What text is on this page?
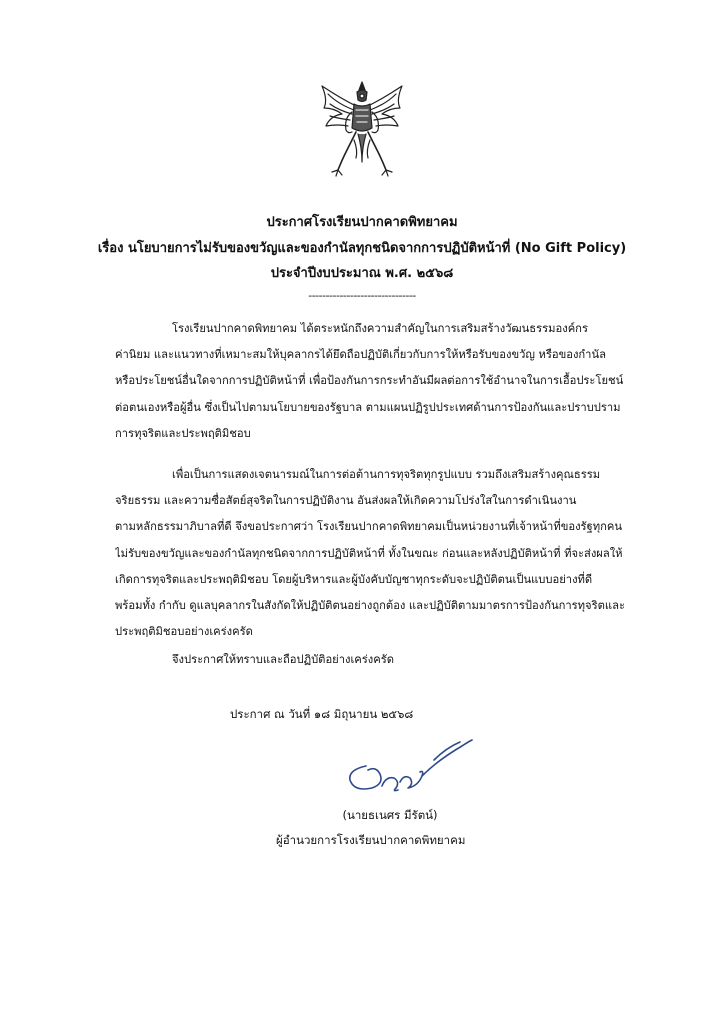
ประกาศโรงเรียนปากคาดพิทยาคม
เรื่อง นโยบายการไม่รับของขวัญและของกำนัลทุกชนิดจากการปฏิบัติหน้าที่ (No Gift Policy)
ประจำปีงบประมาณ พ.ศ. ๒๕๖๘
-------------------------------
โรงเรียนปากคาดพิทยาคม ได้ตระหนักถึงความสำคัญในการเสริมสร้างวัฒนธรรมองค์กร
ค่านิยม และแนวทางที่เหมาะสมให้บุคลากรได้ยึดถือปฏิบัติเกี่ยวกับการให้หรือรับของขวัญ หรือของกำนัล
หรือประโยชน์อื่นใดจากการปฏิบัติหน้าที่ เพื่อป้องกันการกระทำอันมีผลต่อการใช้อำนาจในการเอื้อประโยชน์
ต่อตนเองหรือผู้อื่น ซึ่งเป็นไปตามนโยบายของรัฐบาล ตามแผนปฏิรูปประเทศด้านการป้องกันและปราบปราม
การทุจริตและประพฤติมิชอบ
เพื่อเป็นการแสดงเจตนารมณ์ในการต่อต้านการทุจริตทุกรูปแบบ รวมถึงเสริมสร้างคุณธรรม
จริยธรรม และความซื่อสัตย์สุจริตในการปฏิบัติงาน อันส่งผลให้เกิดความโปร่งใสในการดำเนินงาน
ตามหลักธรรมาภิบาลที่ดี จึงขอประกาศว่า โรงเรียนปากคาดพิทยาคมเป็นหน่วยงานที่เจ้าหน้าที่ของรัฐทุกคน
ไม่รับของขวัญและของกำนัลทุกชนิดจากการปฏิบัติหน้าที่ ทั้งในขณะ ก่อนและหลังปฏิบัติหน้าที่ ที่จะส่งผลให้
เกิดการทุจริตและประพฤติมิชอบ โดยผู้บริหารและผู้บังคับบัญชาทุกระดับจะปฏิบัติตนเป็นแบบอย่างที่ดี
พร้อมทั้ง กำกับ ดูแลบุคลากรในสังกัดให้ปฏิบัติตนอย่างถูกต้อง และปฏิบัติตามมาตรการป้องกันการทุจริตและ
ประพฤติมิชอบอย่างเคร่งครัด
จึงประกาศให้ทราบและถือปฏิบัติอย่างเคร่งครัด
ประกาศ ณ วันที่ ๑๘ มิถุนายน ๒๕๖๘
(นายธเนศร มีรัตน์)
ผู้อำนวยการโรงเรียนปากคาดพิทยาคม
